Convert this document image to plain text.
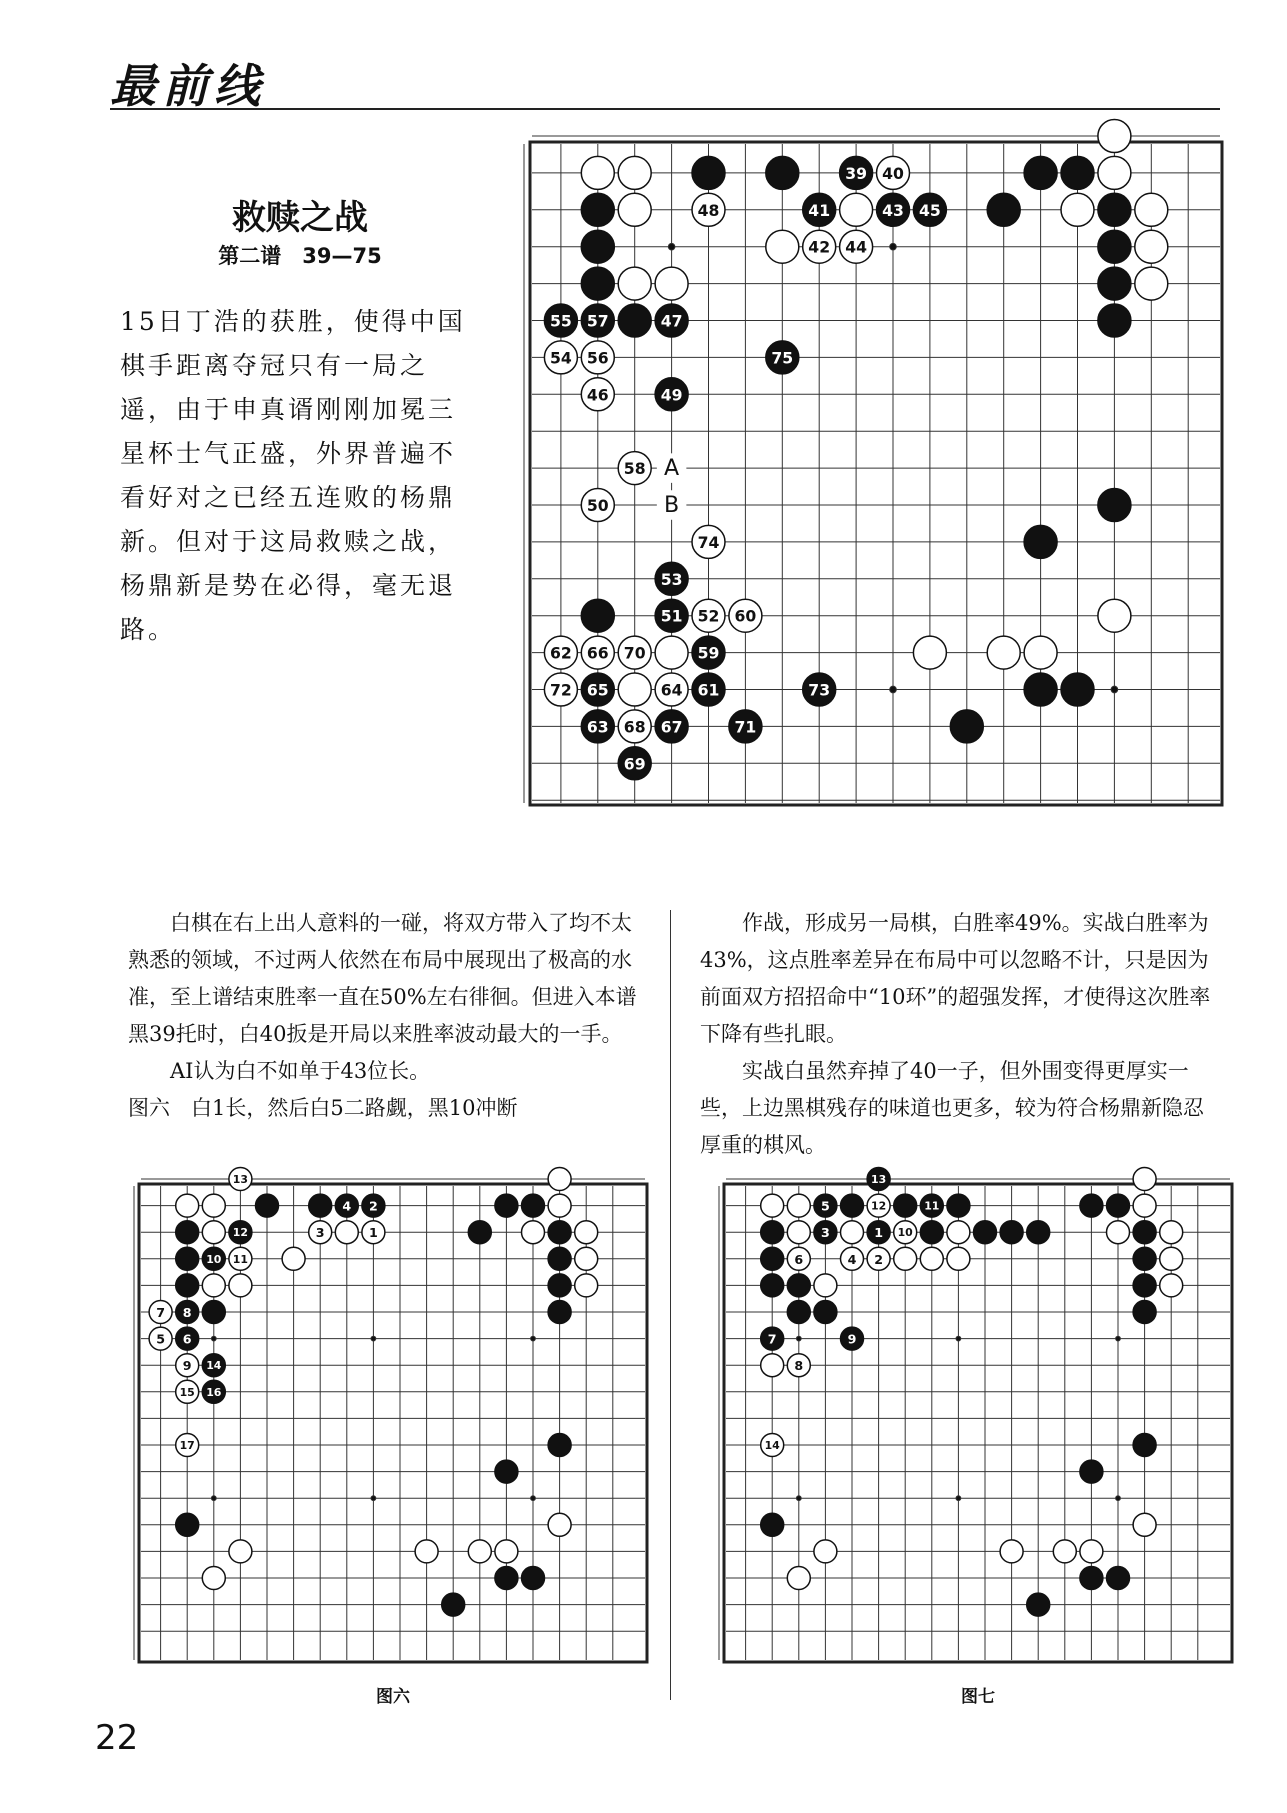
最前线
救赎之战
第二谱　39—75
15日丁浩的获胜，使得中国棋手距离夺冠只有一局之遥，由于申真谞刚刚加冕三星杯士气正盛，外界普遍不看好对之已经五连败的杨鼎新。但对于这局救赎之战，杨鼎新是势在必得，毫无退路。
A
B
39 40
48	41	43 45
42 44
55 57	47
54 56	75
46	49
58
50
74
53
51 52 60
62 66 70	59
72 65	64 61	73
63 68 67	71
69

白棋在右上出人意料的一碰，将双方带入了均不太熟悉的领域，不过两人依然在布局中展现出了极高的水准，至上谱结束胜率一直在50%左右徘徊。但进入本谱黑39托时，白40扳是开局以来胜率波动最大的一手。

AI认为白不如单于43位长。

图六　白1长，然后白5二路觑，黑10冲断

作战，形成另一局棋，白胜率49%。实战白胜率为43%，这点胜率差异在布局中可以忽略不计，只是因为前面双方招招命中“10环”的超强发挥，才使得这次胜率下降有些扎眼。

实战白虽然弃掉了40一子，但外围变得更厚实一些，上边黑棋残存的味道也更多，较为符合杨鼎新隐忍厚重的棋风。

13
4 2
12	3	1
10 11
7 8
5 6
9 14
15 16
17
图六
13
5	12	11
3	1 10
6	4 2
7	9
8
14
图七
22
